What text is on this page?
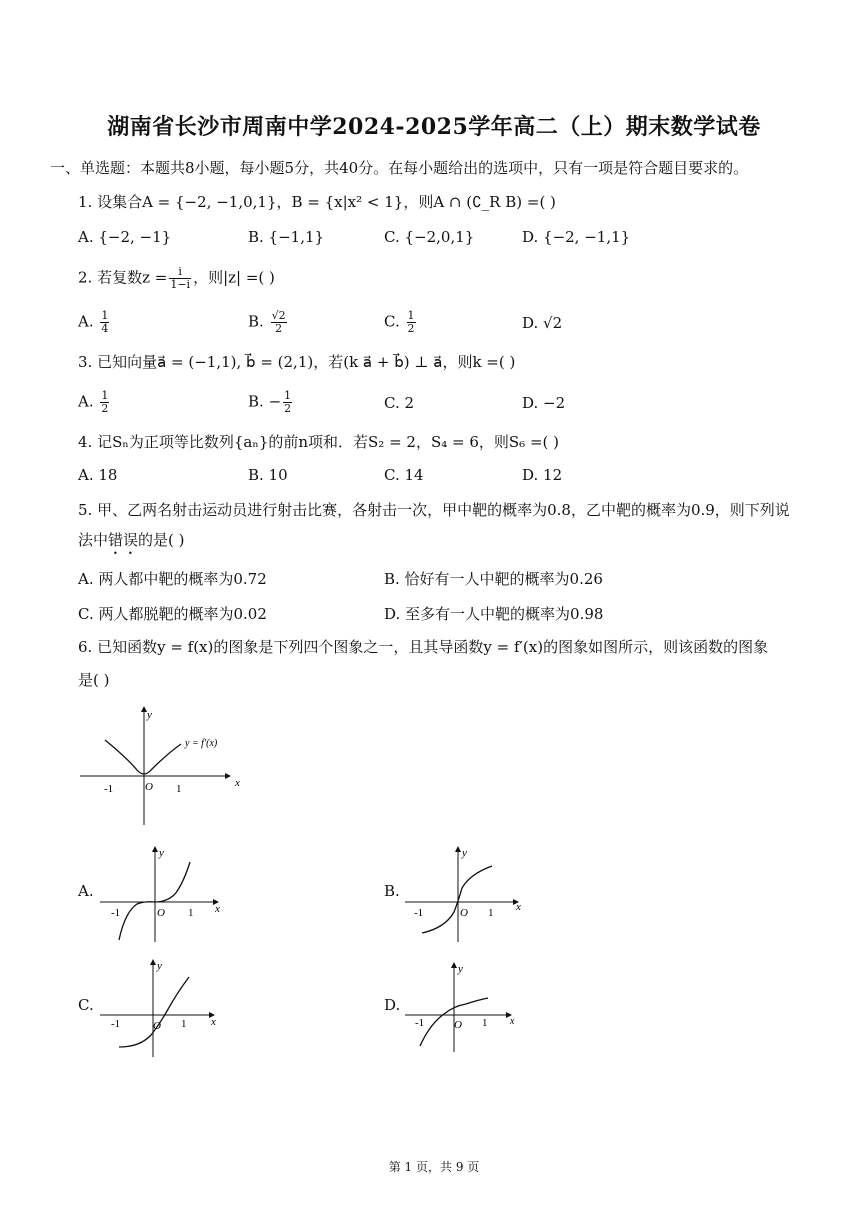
湖南省长沙市周南中学2024-2025学年高二（上）期末数学试卷
一、单选题：本题共8小题，每小题5分，共40分。在每小题给出的选项中，只有一项是符合题目要求的。
1. 设集合A = {−2, −1,0,1}，B = {x|x² < 1}，则A ∩ (∁_R B) =( )
A. {−2, −1}	B. {−1,1}	C. {−2,0,1}	D. {−2, −1,1}
2. 若复数$z = \frac{i}{1-i}$ ，则|z| =( )
A. $\frac{1}{4}$	B. $\frac{√2}{2}$	C. $\frac{1}{2}$	D. √2
3. 已知向量a⃗ = (−1,1), b⃗ = (2,1)，若(k a⃗ + b⃗) ⊥ a⃗，则k =( )
A. $\frac{1}{2}$	B. − $\frac{1}{2}$	C. 2	D. −2
4. 记Sₙ为正项等比数列{aₙ}的前n项和．若S₂ = 2，S₄ = 6，则S₆ =( )
A. 18	B. 10	C. 14	D. 12
5. 甲、乙两名射击运动员进行射击比赛，各射击一次，甲中靶的概率为0.8，乙中靶的概率为0.9，则下列说
法中错误的是( )
A. 两人都中靶的概率为0.72	B. 恰好有一人中靶的概率为0.26
C. 两人都脱靶的概率为0.02	D. 至多有一人中靶的概率为0.98
6. 已知函数y = f(x)的图象是下列四个图象之一，且其导函数y = f′(x)的图象如图所示，则该函数的图象
是( )
y
x
O
-1	1
y = f′(x)
A.
y
x
O
-1	1
B.
y
x
O
-1	1
C.
y
x
O
-1	1
D.
y
x
O
-1	1
第 1 页，共 9 页
